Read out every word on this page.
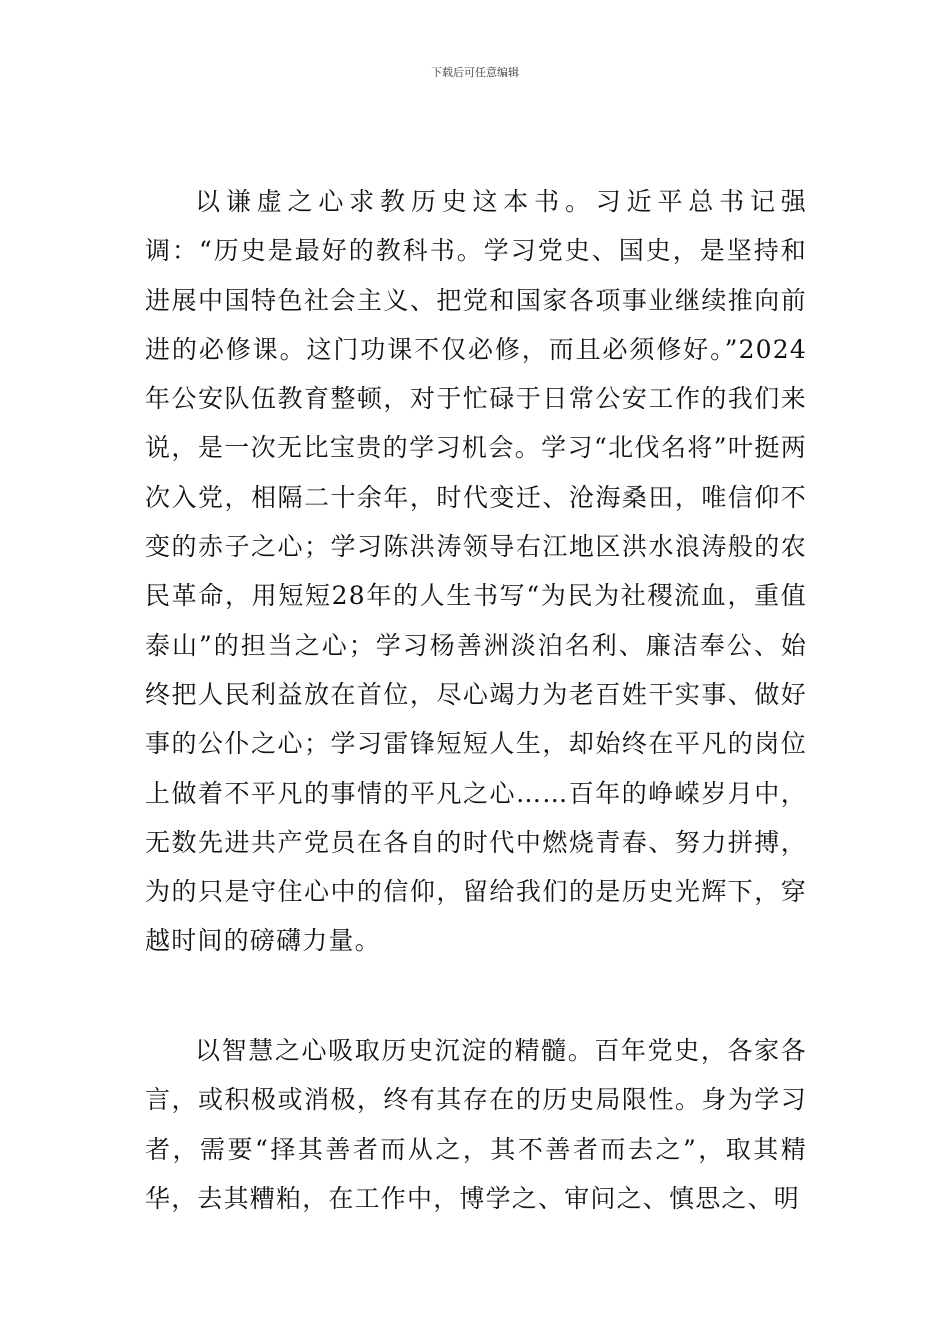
下载后可任意编辑

以谦虚之心求教历史这本书。习近平总书记强调：“历史是最好的教科书。学习党史、国史，是坚持和进展中国特色社会主义、把党和国家各项事业继续推向前进的必修课。这门功课不仅必修，而且必须修好。”2024年公安队伍教育整顿，对于忙碌于日常公安工作的我们来说，是一次无比宝贵的学习机会。学习“北伐名将”叶挺两次入党，相隔二十余年，时代变迁、沧海桑田，唯信仰不变的赤子之心；学习陈洪涛领导右江地区洪水浪涛般的农民革命，用短短28年的人生书写“为民为社稷流血，重值泰山”的担当之心；学习杨善洲淡泊名利、廉洁奉公、始终把人民利益放在首位，尽心竭力为老百姓干实事、做好事的公仆之心；学习雷锋短短人生，却始终在平凡的岗位上做着不平凡的事情的平凡之心……百年的峥嵘岁月中，无数先进共产党员在各自的时代中燃烧青春、努力拼搏，为的只是守住心中的信仰，留给我们的是历史光辉下，穿越时间的磅礴力量。

以智慧之心吸取历史沉淀的精髓。百年党史，各家各言，或积极或消极，终有其存在的历史局限性。身为学习者，需要“择其善者而从之，其不善者而去之”，取其精华，去其糟粕，在工作中，博学之、审问之、慎思之、明
